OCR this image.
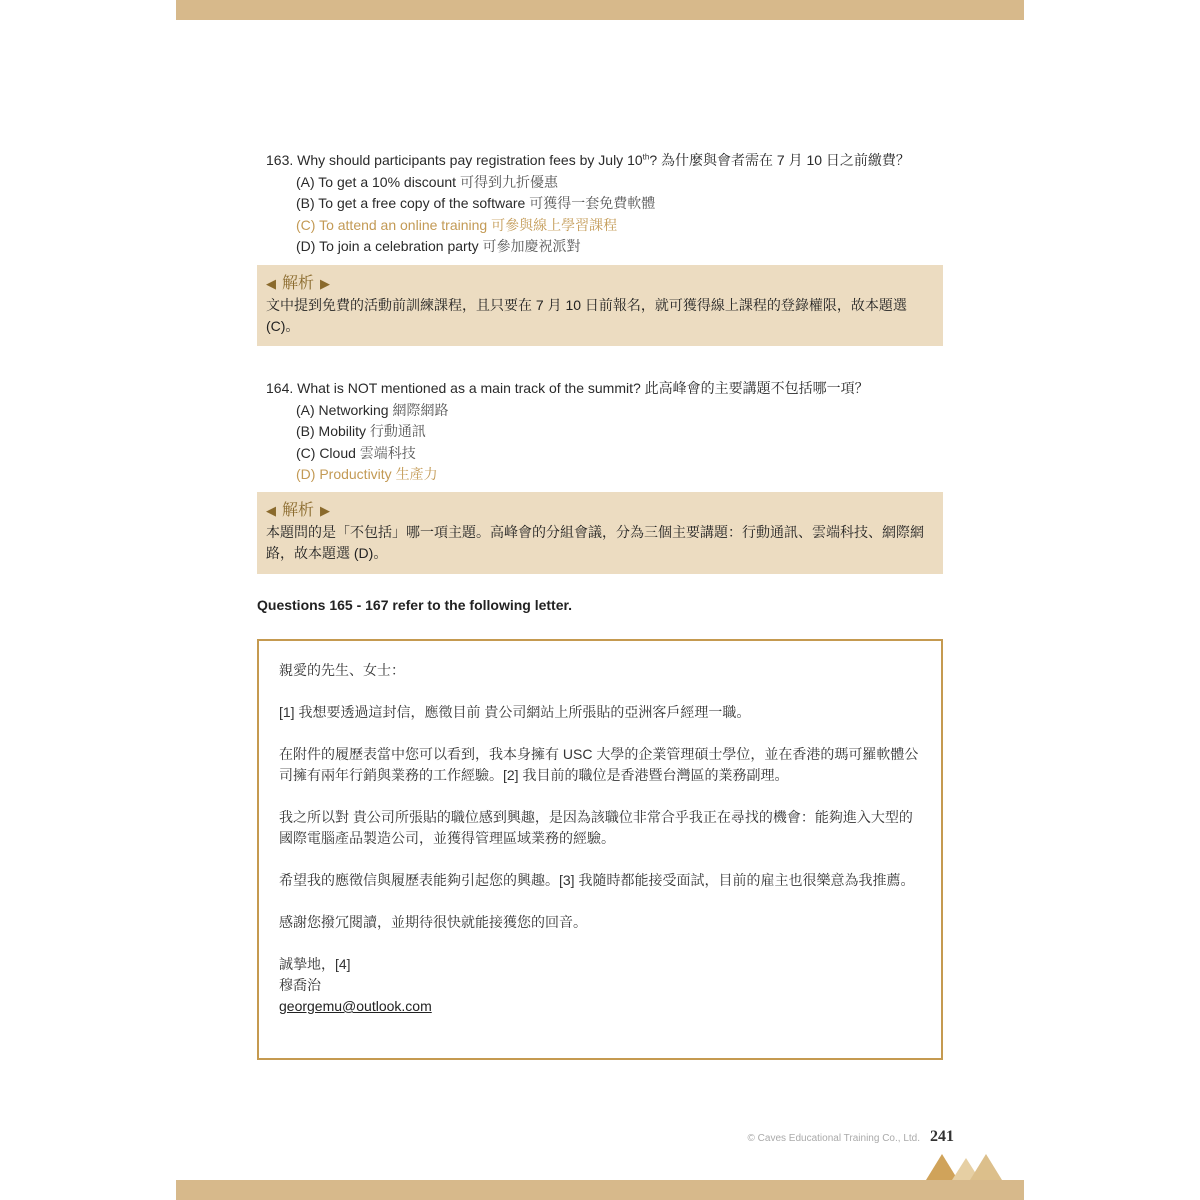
163. Why should participants pay registration fees by July 10th? 為什麼與會者需在 7 月 10 日之前繳費？
(A) To get a 10% discount 可得到九折優惠
(B) To get a free copy of the software 可獲得一套免費軟體
(C) To attend an online training 可參與線上學習課程
(D) To join a celebration party 可參加慶祝派對
◀ 解析 ▶
文中提到免費的活動前訓練課程，且只要在 7 月 10 日前報名，就可獲得線上課程的登錄權限，故本題選 (C)。
164. What is NOT mentioned as a main track of the summit? 此高峰會的主要講題不包括哪一項？
(A) Networking 網際網路
(B) Mobility 行動通訊
(C) Cloud 雲端科技
(D) Productivity 生產力
◀ 解析 ▶
本題問的是「不包括」哪一項主題。高峰會的分組會議，分為三個主要講題：行動通訊、雲端科技、網際網路，故本題選 (D)。
Questions 165 - 167 refer to the following letter.

親愛的先生、女士：

[1] 我想要透過這封信，應徵目前 貴公司網站上所張貼的亞洲客戶經理一職。

在附件的履歷表當中您可以看到，我本身擁有 USC 大學的企業管理碩士學位，並在香港的瑪可羅軟體公司擁有兩年行銷與業務的工作經驗。[2] 我目前的職位是香港暨台灣區的業務副理。

我之所以對 貴公司所張貼的職位感到興趣，是因為該職位非常合乎我正在尋找的機會：能夠進入大型的國際電腦產品製造公司，並獲得管理區域業務的經驗。

希望我的應徵信與履歷表能夠引起您的興趣。[3] 我隨時都能接受面試，目前的雇主也很樂意為我推薦。

感謝您撥冗閱讀，並期待很快就能接獲您的回音。

誠摯地，[4]
穆喬治
georgemu@outlook.com
© Caves Educational Training Co., Ltd. 241
